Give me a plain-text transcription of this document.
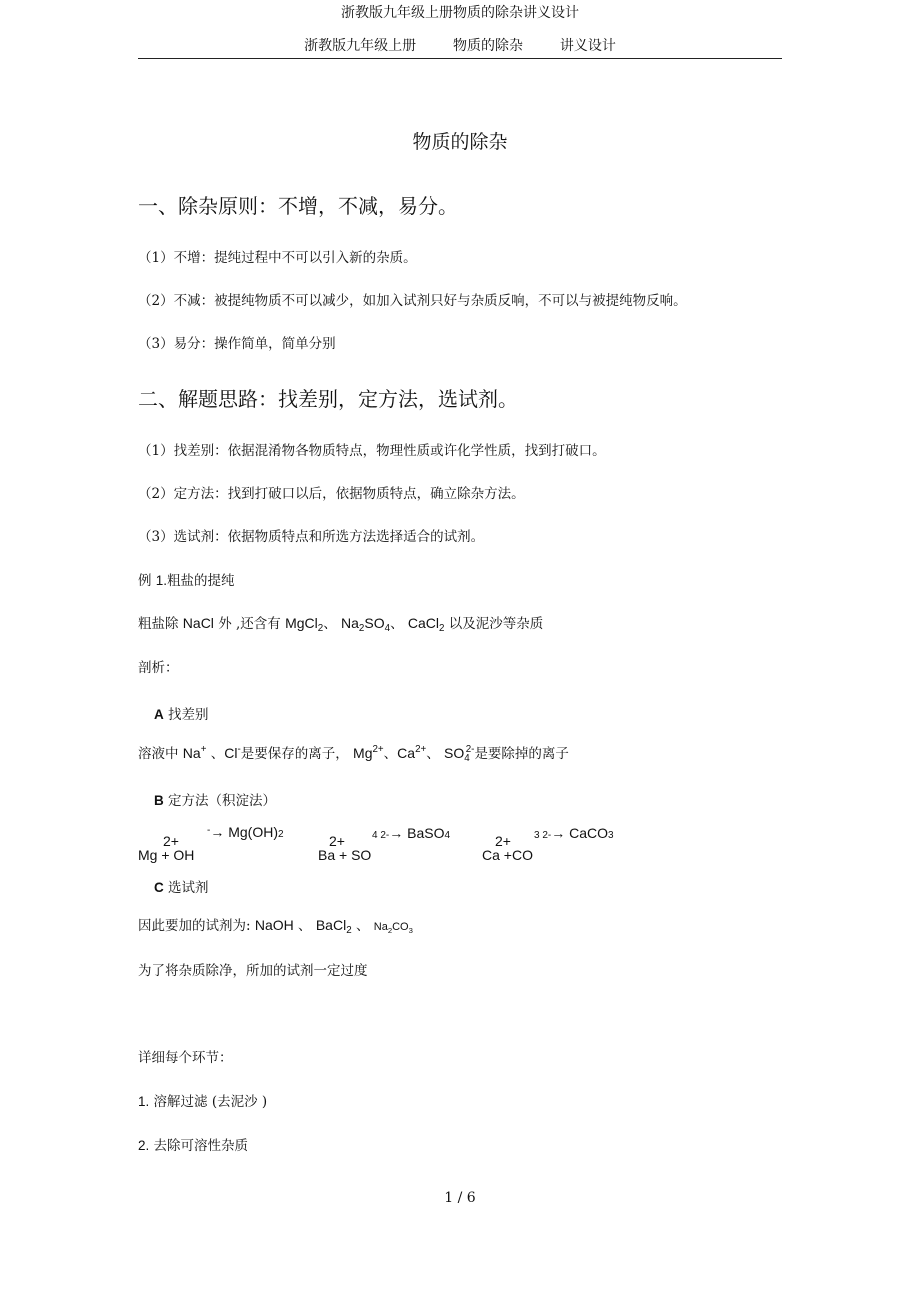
浙教版九年级上册物质的除杂讲义设计
浙教版九年级上册	物质的除杂	讲义设计
物质的除杂
一、除杂原则：不增，不减，易分。
（1）不增：提纯过程中不可以引入新的杂质。
（2）不减：被提纯物质不可以减少，如加入试剂只好与杂质反响，不可以与被提纯物反响。
（3）易分：操作简单，简单分别
二、解题思路：找差别，定方法，选试剂。
（1）找差别：依据混淆物各物质特点，物理性质或许化学性质，找到打破口。
（2）定方法：找到打破口以后，依据物质特点，确立除杂方法。
（3）选试剂：依据物质特点和所选方法选择适合的试剂。
例 1.粗盐的提纯
粗盐除 NaCl 外 ,还含有 MgCl$_2$、 $Na_2SO_4$、 CaCl$_2$ 以及泥沙等杂质
剖析：
A 找差别
溶液中 Na+ 、Cl-是要保存的离子， $Mg^{2+}$、$Ca^{2+}$、 $SO_4^{2-}$是要除掉的离子
B 定方法（积淀法）
2+
-→ Mg(OH)2
Mg + OH
2+	4 2-→ BaSO4
Ba + SO
2+ 3 2-→ CaCO3
Ca +CO
C 选试剂
因此要加的试剂为: NaOH 、 BaCl$_2$ 、 $Na_2CO_3$
为了将杂质除净，所加的试剂一定过度
详细每个环节：
1. 溶解过滤 (去泥沙 )
2. 去除可溶性杂质
1 / 6
